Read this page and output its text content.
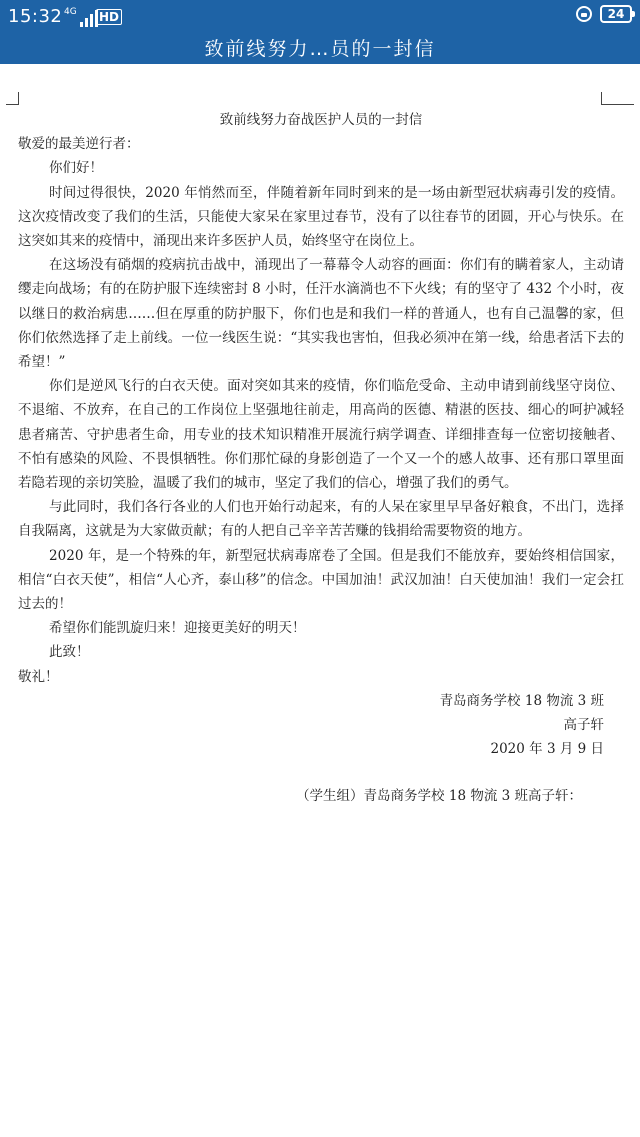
15:32 4G HD	24
致前线努力…员的一封信

致前线努力奋战医护人员的一封信

敬爱的最美逆行者：

你们好！

时间过得很快，2020 年悄然而至，伴随着新年同时到来的是一场由新型冠状病毒引发的疫情。这次疫情改变了我们的生活，只能使大家呆在家里过春节，没有了以往春节的团圆，开心与快乐。在这突如其来的疫情中，涌现出来许多医护人员，始终坚守在岗位上。

在这场没有硝烟的疫病抗击战中，涌现出了一幕幕令人动容的画面：你们有的瞒着家人，主动请缨走向战场；有的在防护服下连续密封 8 小时，任汗水滴淌也不下火线；有的坚守了 432 个小时，夜以继日的救治病患……但在厚重的防护服下，你们也是和我们一样的普通人，也有自己温馨的家，但你们依然选择了走上前线。一位一线医生说：“其实我也害怕，但我必须冲在第一线，给患者活下去的希望！”

你们是逆风飞行的白衣天使。面对突如其来的疫情，你们临危受命、主动申请到前线坚守岗位、不退缩、不放弃，在自己的工作岗位上坚强地往前走，用高尚的医德、精湛的医技、细心的呵护减轻患者痛苦、守护患者生命，用专业的技术知识精准开展流行病学调查、详细排查每一位密切接触者、不怕有感染的风险、不畏惧牺牲。你们那忙碌的身影创造了一个又一个的感人故事、还有那口罩里面若隐若现的亲切笑脸，温暖了我们的城市，坚定了我们的信心，增强了我们的勇气。

与此同时，我们各行各业的人们也开始行动起来，有的人呆在家里早早备好粮食，不出门，选择自我隔离，这就是为大家做贡献；有的人把自己辛辛苦苦赚的钱捐给需要物资的地方。

2020 年，是一个特殊的年，新型冠状病毒席卷了全国。但是我们不能放弃，要始终相信国家，相信“白衣天使”，相信“人心齐，泰山移”的信念。中国加油！武汉加油！白天使加油！我们一定会扛过去的！

希望你们能凯旋归来！迎接更美好的明天！

此致！

敬礼！

青岛商务学校 18 物流 3 班

高子轩

2020 年 3 月 9 日

（学生组）青岛商务学校 18 物流 3 班高子轩：
